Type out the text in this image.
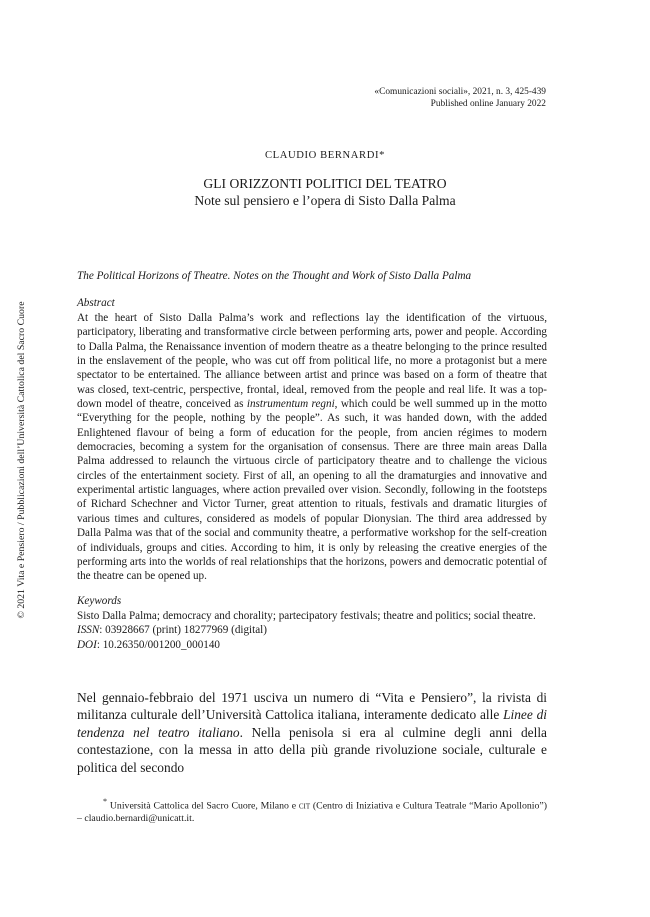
«Comunicazioni sociali», 2021, n. 3, 425-439
Published online January 2022
CLAUDIO BERNARDI*
GLI ORIZZONTI POLITICI DEL TEATRO
Note sul pensiero e l’opera di Sisto Dalla Palma
The Political Horizons of Theatre. Notes on the Thought and Work of Sisto Dalla Palma
Abstract
At the heart of Sisto Dalla Palma’s work and reflections lay the identification of the virtuous, participatory, liberating and transformative circle between performing arts, power and people. According to Dalla Palma, the Renaissance invention of modern theatre as a theatre belonging to the prince resulted in the enslavement of the people, who was cut off from political life, no more a protagonist but a mere spectator to be entertained. The alliance between artist and prince was based on a form of theatre that was closed, text-centric, perspective, frontal, ideal, removed from the people and real life. It was a top-down model of theatre, conceived as instrumentum regni, which could be well summed up in the motto “Everything for the people, nothing by the people”. As such, it was handed down, with the added Enlightened flavour of being a form of education for the people, from ancien régimes to modern democracies, becoming a system for the organisation of consensus. There are three main areas Dalla Palma addressed to relaunch the virtuous circle of participatory theatre and to challenge the vicious circles of the entertainment society. First of all, an opening to all the dramaturgies and innovative and experimental artistic languages, where action prevailed over vision. Secondly, following in the footsteps of Richard Schechner and Victor Turner, great attention to rituals, festivals and dramatic liturgies of various times and cultures, considered as models of popular Dionysian. The third area addressed by Dalla Palma was that of the social and community theatre, a performative workshop for the self-creation of individuals, groups and cities. According to him, it is only by releasing the creative energies of the performing arts into the worlds of real relationships that the horizons, powers and democratic potential of the theatre can be opened up.
Keywords
Sisto Dalla Palma; democracy and chorality; partecipatory festivals; theatre and politics; social theatre.
ISSN: 03928667 (print) 18277969 (digital)
DOI: 10.26350/001200_000140
Nel gennaio-febbraio del 1971 usciva un numero di “Vita e Pensiero”, la rivista di militanza culturale dell’Università Cattolica italiana, interamente dedicato alle Linee di tendenza nel teatro italiano. Nella penisola si era al culmine degli anni della contestazione, con la messa in atto della più grande rivoluzione sociale, culturale e politica del secondo
* Università Cattolica del Sacro Cuore, Milano e cit (Centro di Iniziativa e Cultura Teatrale “Mario Apollonio”) – claudio.bernardi@unicatt.it.
© 2021 Vita e Pensiero / Pubblicazioni dell’Università Cattolica del Sacro Cuore
